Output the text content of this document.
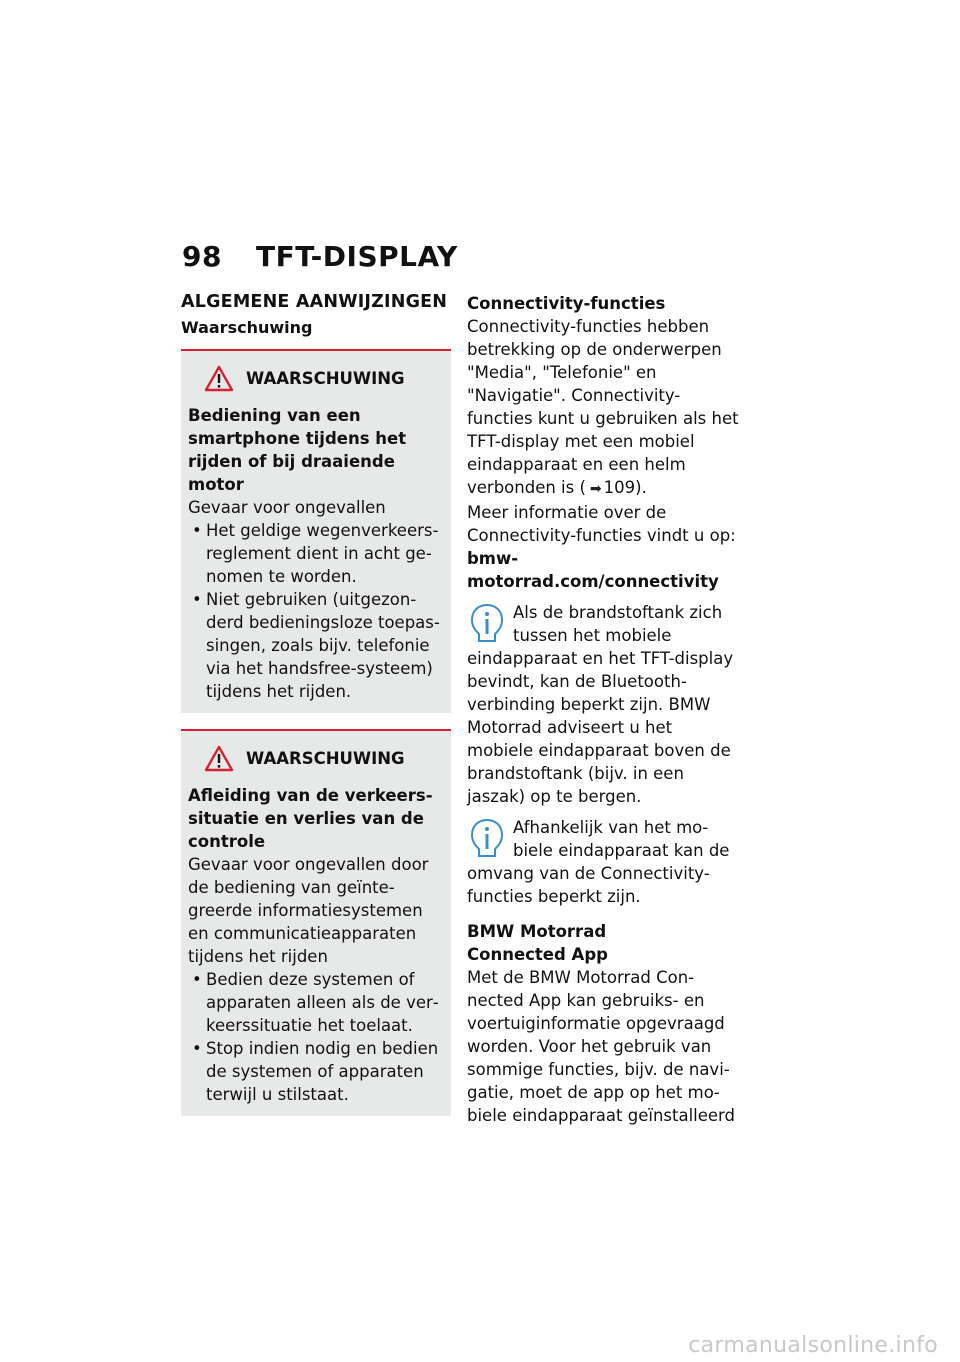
98 TFT-DISPLAY
ALGEMENE AANWIJZINGEN
Waarschuwing
WAARSCHUWING

Bediening van een smartphone tijdens het rijden of bij draaiende motor

Gevaar voor ongevallen

• Het geldige wegenverkeersreglement dient in acht genomen te worden.
• Niet gebruiken (uitgezonderd bedieningsloze toepassingen, zoals bijv. telefonie via het handsfree-systeem) tijdens het rijden.
WAARSCHUWING

Afleiding van de verkeerssituatie en verlies van de controle

Gevaar voor ongevallen door de bediening van geïntegreerde informatiesystemen en communicatieapparaten tijdens het rijden

• Bedien deze systemen of apparaten alleen als de verkeerssituatie het toelaat.
• Stop indien nodig en bedien de systemen of apparaten terwijl u stilstaat.

Connectivity-functies

Connectivity-functies hebben betrekking op de onderwerpen "Media", "Telefonie" en "Navigatie". Connectivity-functies kunt u gebruiken als het TFT-display met een mobiel eindapparaat en een helm verbonden is ( ➡ 109).

Meer informatie over de Connectivity-functies vindt u op: bmw-motorrad.com/connectivity

Als de brandstoftank zich tussen het mobiele eindapparaat en het TFT-display bevindt, kan de Bluetooth-verbinding beperkt zijn. BMW Motorrad adviseert u het mobiele eindapparaat boven de brandstoftank (bijv. in een jaszak) op te bergen.

Afhankelijk van het mobiele eindapparaat kan de omvang van de Connectivity-functies beperkt zijn.

BMW Motorrad

Connected App

Met de BMW Motorrad Connected App kan gebruiks- en voertuiginformatie opgevraagd worden. Voor het gebruik van sommige functies, bijv. de navigatie, moet de app op het mobiele eindapparaat geïnstalleerd

carmanualsonline.info
